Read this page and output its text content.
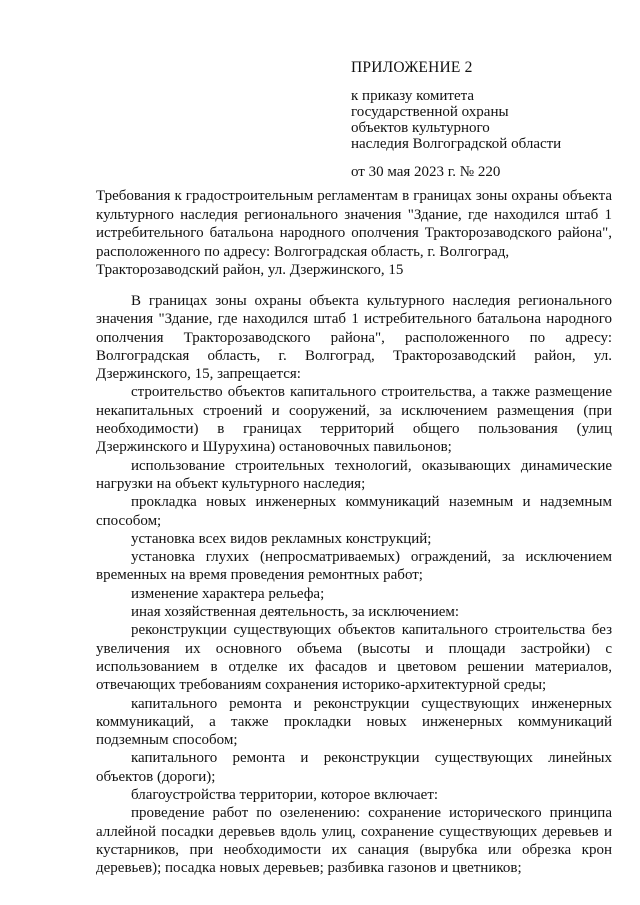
ПРИЛОЖЕНИЕ 2
к приказу комитета
государственной охраны
объектов культурного
наследия Волгоградской области
от 30 мая 2023 г. № 220
Требования к градостроительным регламентам в границах зоны охраны объекта культурного наследия регионального значения "Здание, где находился штаб 1 истребительного батальона народного ополчения Тракторозаводского района", расположенного по адресу: Волгоградская область, г. Волгоград,
Тракторозаводский район, ул. Дзержинского, 15

В границах зоны охраны объекта культурного наследия регионального значения "Здание, где находился штаб 1 истребительного батальона народного ополчения Тракторозаводского района", расположенного по адресу: Волгоградская область, г. Волгоград, Тракторозаводский район, ул. Дзержинского, 15, запрещается:

строительство объектов капитального строительства, а также размещение некапитальных строений и сооружений, за исключением размещения (при необходимости) в границах территорий общего пользования (улиц Дзержинского и Шурухина) остановочных павильонов;

использование строительных технологий, оказывающих динамические нагрузки на объект культурного наследия;

прокладка новых инженерных коммуникаций наземным и надземным способом;

установка всех видов рекламных конструкций;

установка глухих (непросматриваемых) ограждений, за исключением временных на время проведения ремонтных работ;

изменение характера рельефа;

иная хозяйственная деятельность, за исключением:

реконструкции существующих объектов капитального строительства без увеличения их основного объема (высоты и площади застройки) с использованием в отделке их фасадов и цветовом решении материалов, отвечающих требованиям сохранения историко-архитектурной среды;

капитального ремонта и реконструкции существующих инженерных коммуникаций, а также прокладки новых инженерных коммуникаций подземным способом;

капитального ремонта и реконструкции существующих линейных объектов (дороги);

благоустройства территории, которое включает:

проведение работ по озеленению: сохранение исторического принципа аллейной посадки деревьев вдоль улиц, сохранение существующих деревьев и кустарников, при необходимости их санация (вырубка или обрезка крон деревьев); посадка новых деревьев; разбивка газонов и цветников;
